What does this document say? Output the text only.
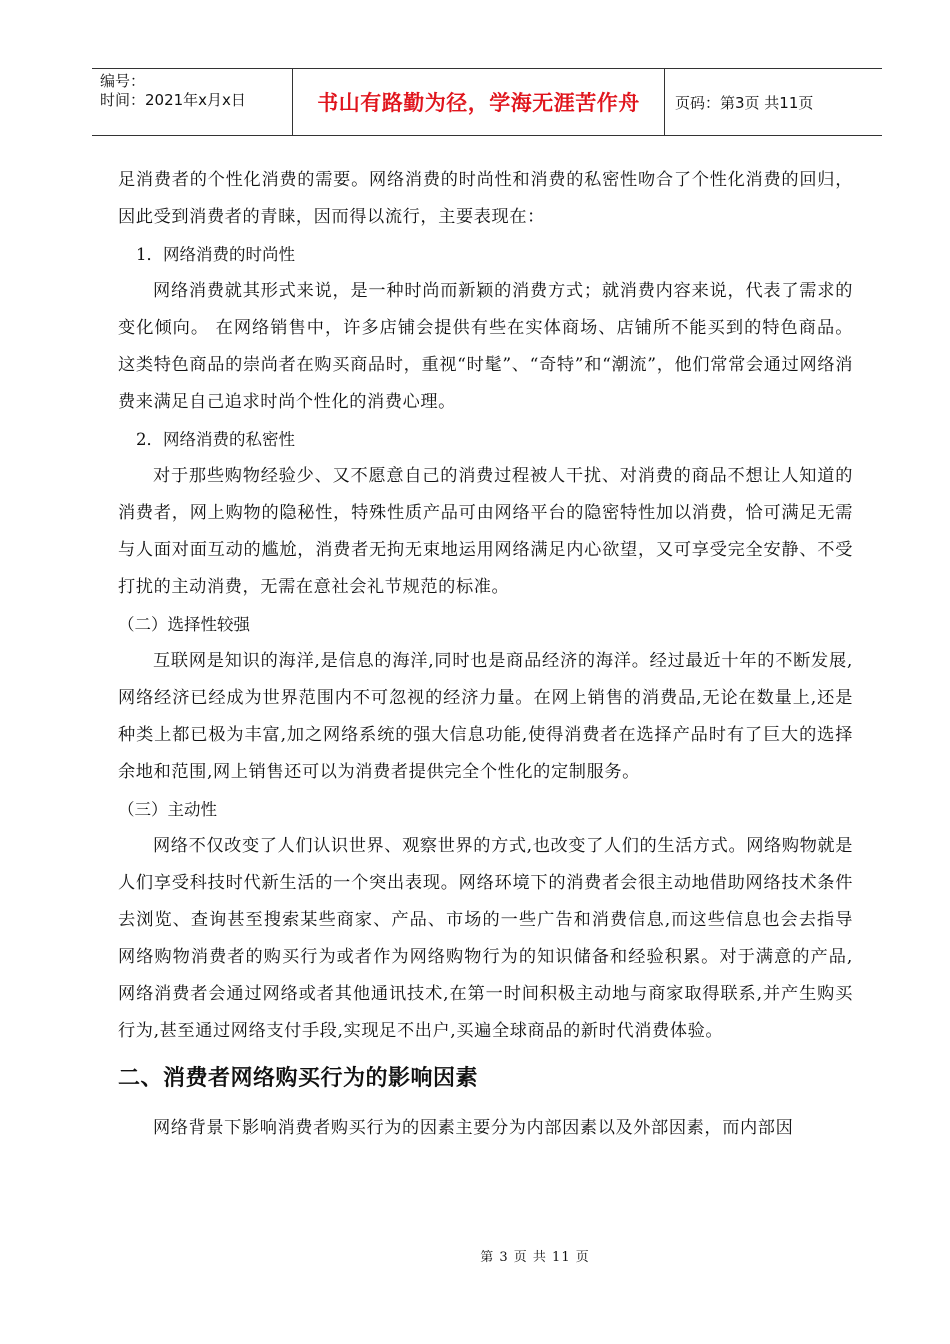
编号：
时间：2021年x月x日	书山有路勤为径，学海无涯苦作舟 页码：第3页 共11页

足消费者的个性化消费的需要。网络消费的时尚性和消费的私密性吻合了个性化消费的回归，因此受到消费者的青睐，因而得以流行，主要表现在：

1．网络消费的时尚性

网络消费就其形式来说，是一种时尚而新颖的消费方式；就消费内容来说，代表了需求的变化倾向。 在网络销售中，许多店铺会提供有些在实体商场、店铺所不能买到的特色商品。这类特色商品的崇尚者在购买商品时，重视“时髦”、“奇特”和“潮流”，他们常常会通过网络消费来满足自己追求时尚个性化的消费心理。

2．网络消费的私密性

对于那些购物经验少、又不愿意自己的消费过程被人干扰、对消费的商品不想让人知道的消费者，网上购物的隐秘性，特殊性质产品可由网络平台的隐密特性加以消费，恰可满足无需与人面对面互动的尴尬，消费者无拘无束地运用网络满足内心欲望，又可享受完全安静、不受打扰的主动消费，无需在意社会礼节规范的标准。

（二）选择性较强

互联网是知识的海洋,是信息的海洋,同时也是商品经济的海洋。经过最近十年的不断发展,网络经济已经成为世界范围内不可忽视的经济力量。在网上销售的消费品,无论在数量上,还是种类上都已极为丰富,加之网络系统的强大信息功能,使得消费者在选择产品时有了巨大的选择余地和范围,网上销售还可以为消费者提供完全个性化的定制服务。

（三）主动性

网络不仅改变了人们认识世界、观察世界的方式,也改变了人们的生活方式。网络购物就是人们享受科技时代新生活的一个突出表现。网络环境下的消费者会很主动地借助网络技术条件去浏览、查询甚至搜索某些商家、产品、市场的一些广告和消费信息,而这些信息也会去指导网络购物消费者的购买行为或者作为网络购物行为的知识储备和经验积累。对于满意的产品,网络消费者会通过网络或者其他通讯技术,在第一时间积极主动地与商家取得联系,并产生购买行为,甚至通过网络支付手段,实现足不出户,买遍全球商品的新时代消费体验。

二、消费者网络购买行为的影响因素

网络背景下影响消费者购买行为的因素主要分为内部因素以及外部因素，而内部因

第 3 页 共 11 页
